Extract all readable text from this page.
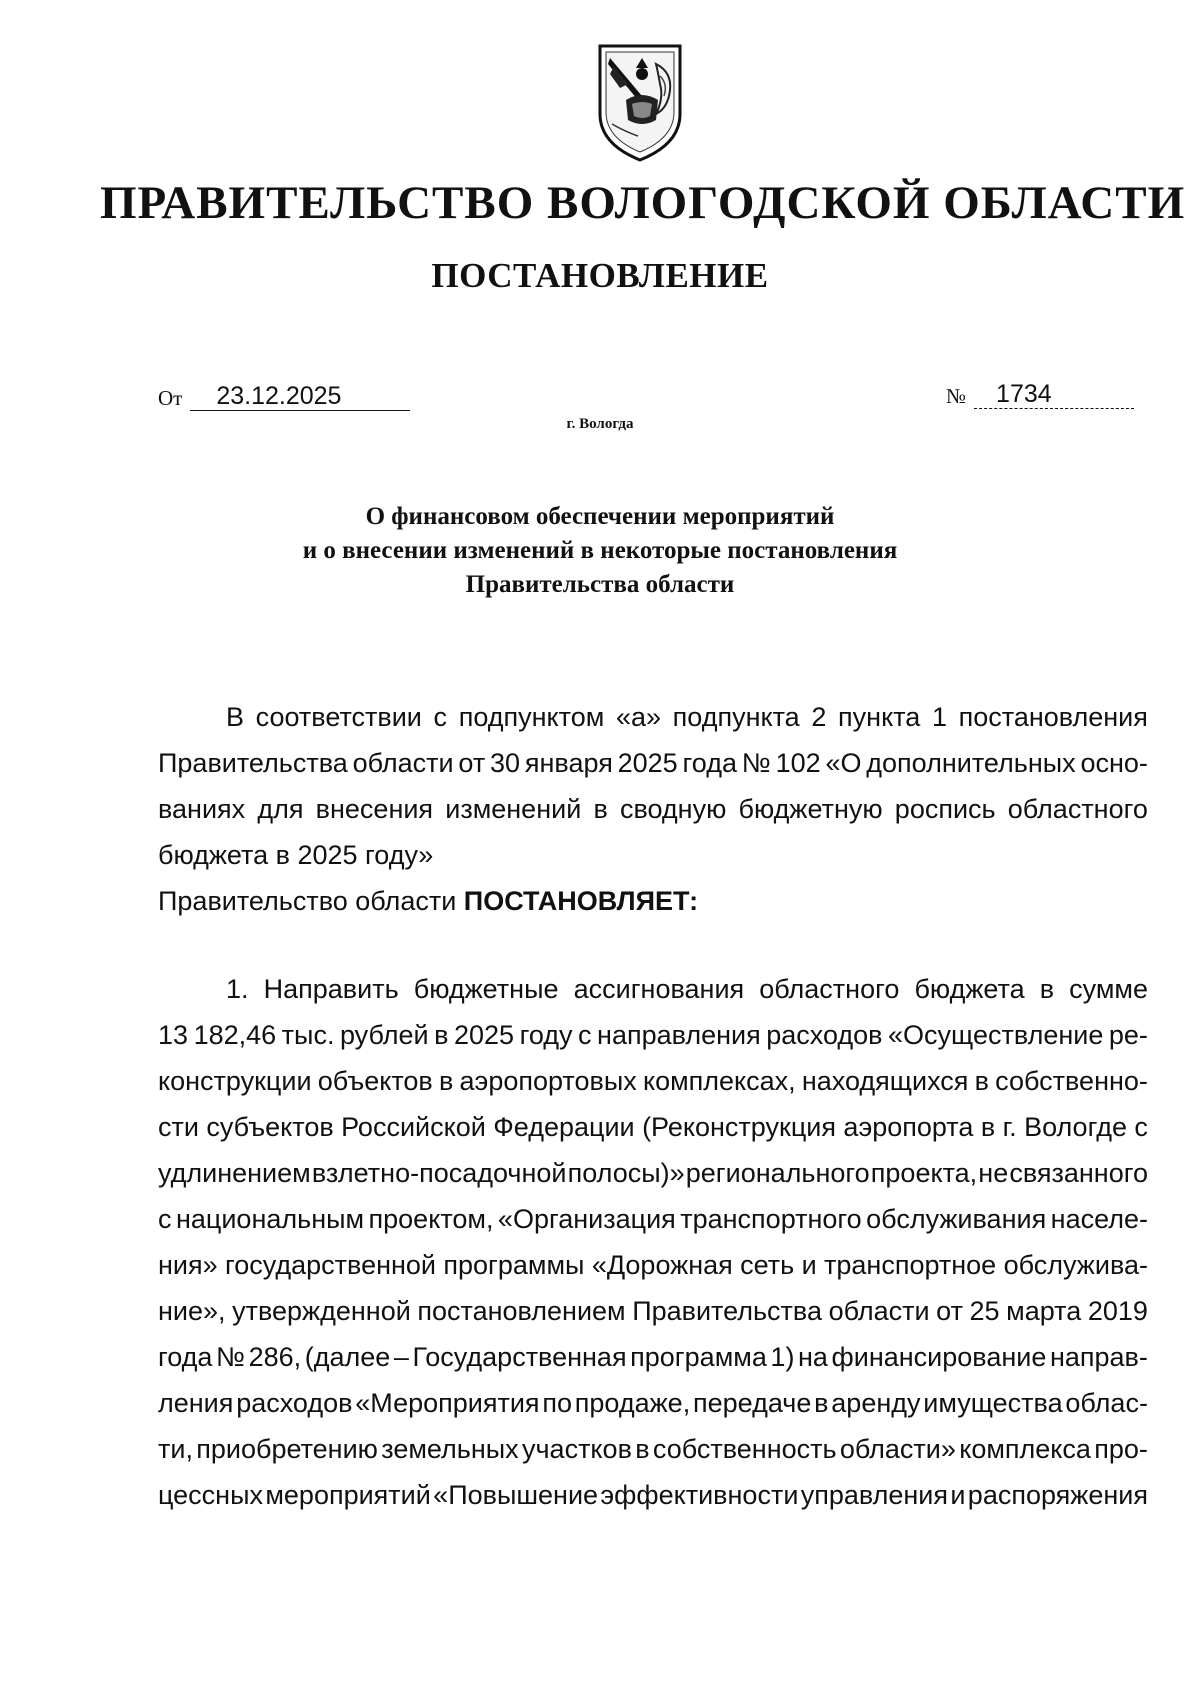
ПРАВИТЕЛЬСТВО ВОЛОГОДСКОЙ ОБЛАСТИ
ПОСТАНОВЛЕНИЕ
От	23.12.2025	№	1734
г. Вологда
О финансовом обеспечении мероприятий
и о внесении изменений в некоторые постановления
Правительства области
В соответствии с подпунктом «а» подпункта 2 пункта 1 постановления
Правительства области от 30 января 2025 года № 102 «О дополнительных осно-
ваниях для внесения изменений в сводную бюджетную роспись областного
бюджета в 2025 году»
Правительство области ПОСТАНОВЛЯЕТ:
1. Направить бюджетные ассигнования областного бюджета в сумме
13 182,46 тыс. рублей в 2025 году с направления расходов «Осуществление ре-
конструкции объектов в аэропортовых комплексах, находящихся в собственно-
сти субъектов Российской Федерации (Реконструкция аэропорта в г. Вологде с
удлинением взлетно-посадочной полосы)» регионального проекта, не связанного
с национальным проектом, «Организация транспортного обслуживания населе-
ния» государственной программы «Дорожная сеть и транспортное обслужива-
ние», утвержденной постановлением Правительства области от 25 марта 2019
года № 286, (далее – Государственная программа 1) на финансирование направ-
ления расходов «Мероприятия по продаже, передаче в аренду имущества облас-
ти, приобретению земельных участков в собственность области» комплекса про-
цессных мероприятий «Повышение эффективности управления и распоряжения
